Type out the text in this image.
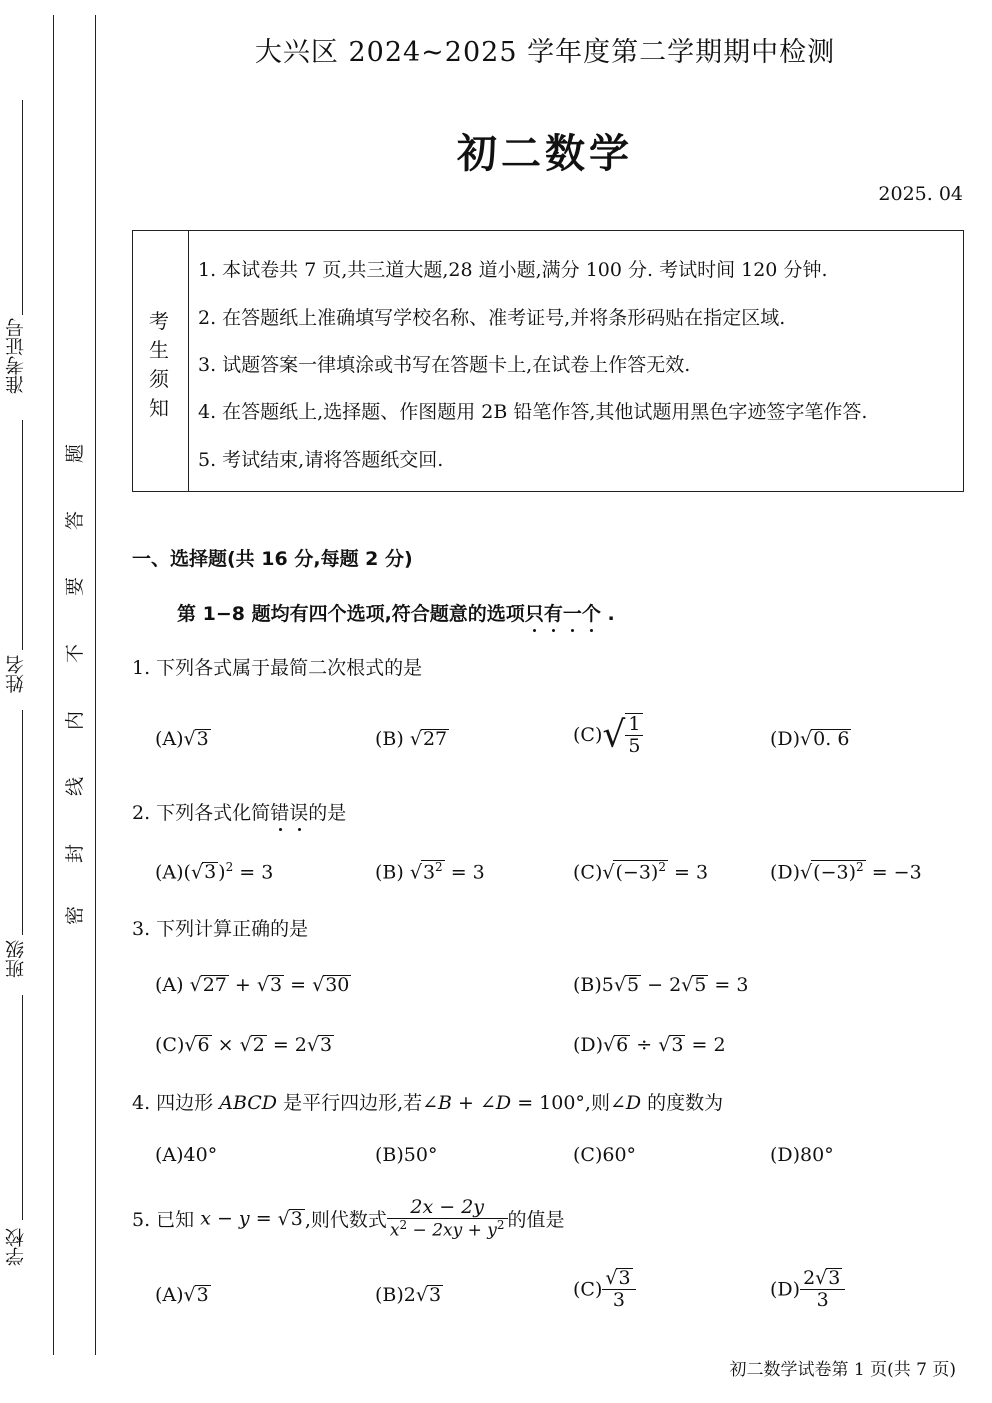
准考证号
姓名
班级
学校
题
答
要
不
内
线
封
密
大兴区 2024~2025 学年度第二学期期中检测
初二数学
2025. 04
考
生
须
知
1. 本试卷共 7 页,共三道大题,28 道小题,满分 100 分. 考试时间 120 分钟.
2. 在答题纸上准确填写学校名称、准考证号,并将条形码贴在指定区域.
3. 试题答案一律填涂或书写在答题卡上,在试卷上作答无效.
4. 在答题纸上,选择题、作图题用 2B 铅笔作答,其他试题用黑色字迹签字笔作答.
5. 考试结束,请将答题纸交回.
一、选择题(共 16 分,每题 2 分)
第 1−8 题均有四个选项,符合题意的选项只有一个 .
1. 下列各式属于最简二次根式的是
(A)√3	(B) √27	$(C)√ \frac{1}{5}$	(D)√0. 6
2. 下列各式化简错误的是
(A)(√3 )$^2$ = 3	(B) $√3^2 = 3$	$(C)√(-3)^2 = 3$	$(D)√(-3)^2 = -3$
3. 下列计算正确的是
(A) √27 + √3 = √30	(B)5√5 − 2√5 = 3
(C)√6 × √2 = 2√3	(D)√6 ÷ √3 = 2
4. 四边形 ABCD 是平行四边形,若∠B + ∠D = 100°,则∠D 的度数为
(A)40°	(B)50°	(C)60°	(D)80°
5. 已知 x − y = √3 ,则代数式 $\frac{2x - 2y}{x^2 - 2xy + y^2}$ 的值是
(A)√3	(B)2√3	$(C) \frac{√3}{3}$	$(D) \frac{2√3}{3}$
初二数学试卷第 1 页(共 7 页)
